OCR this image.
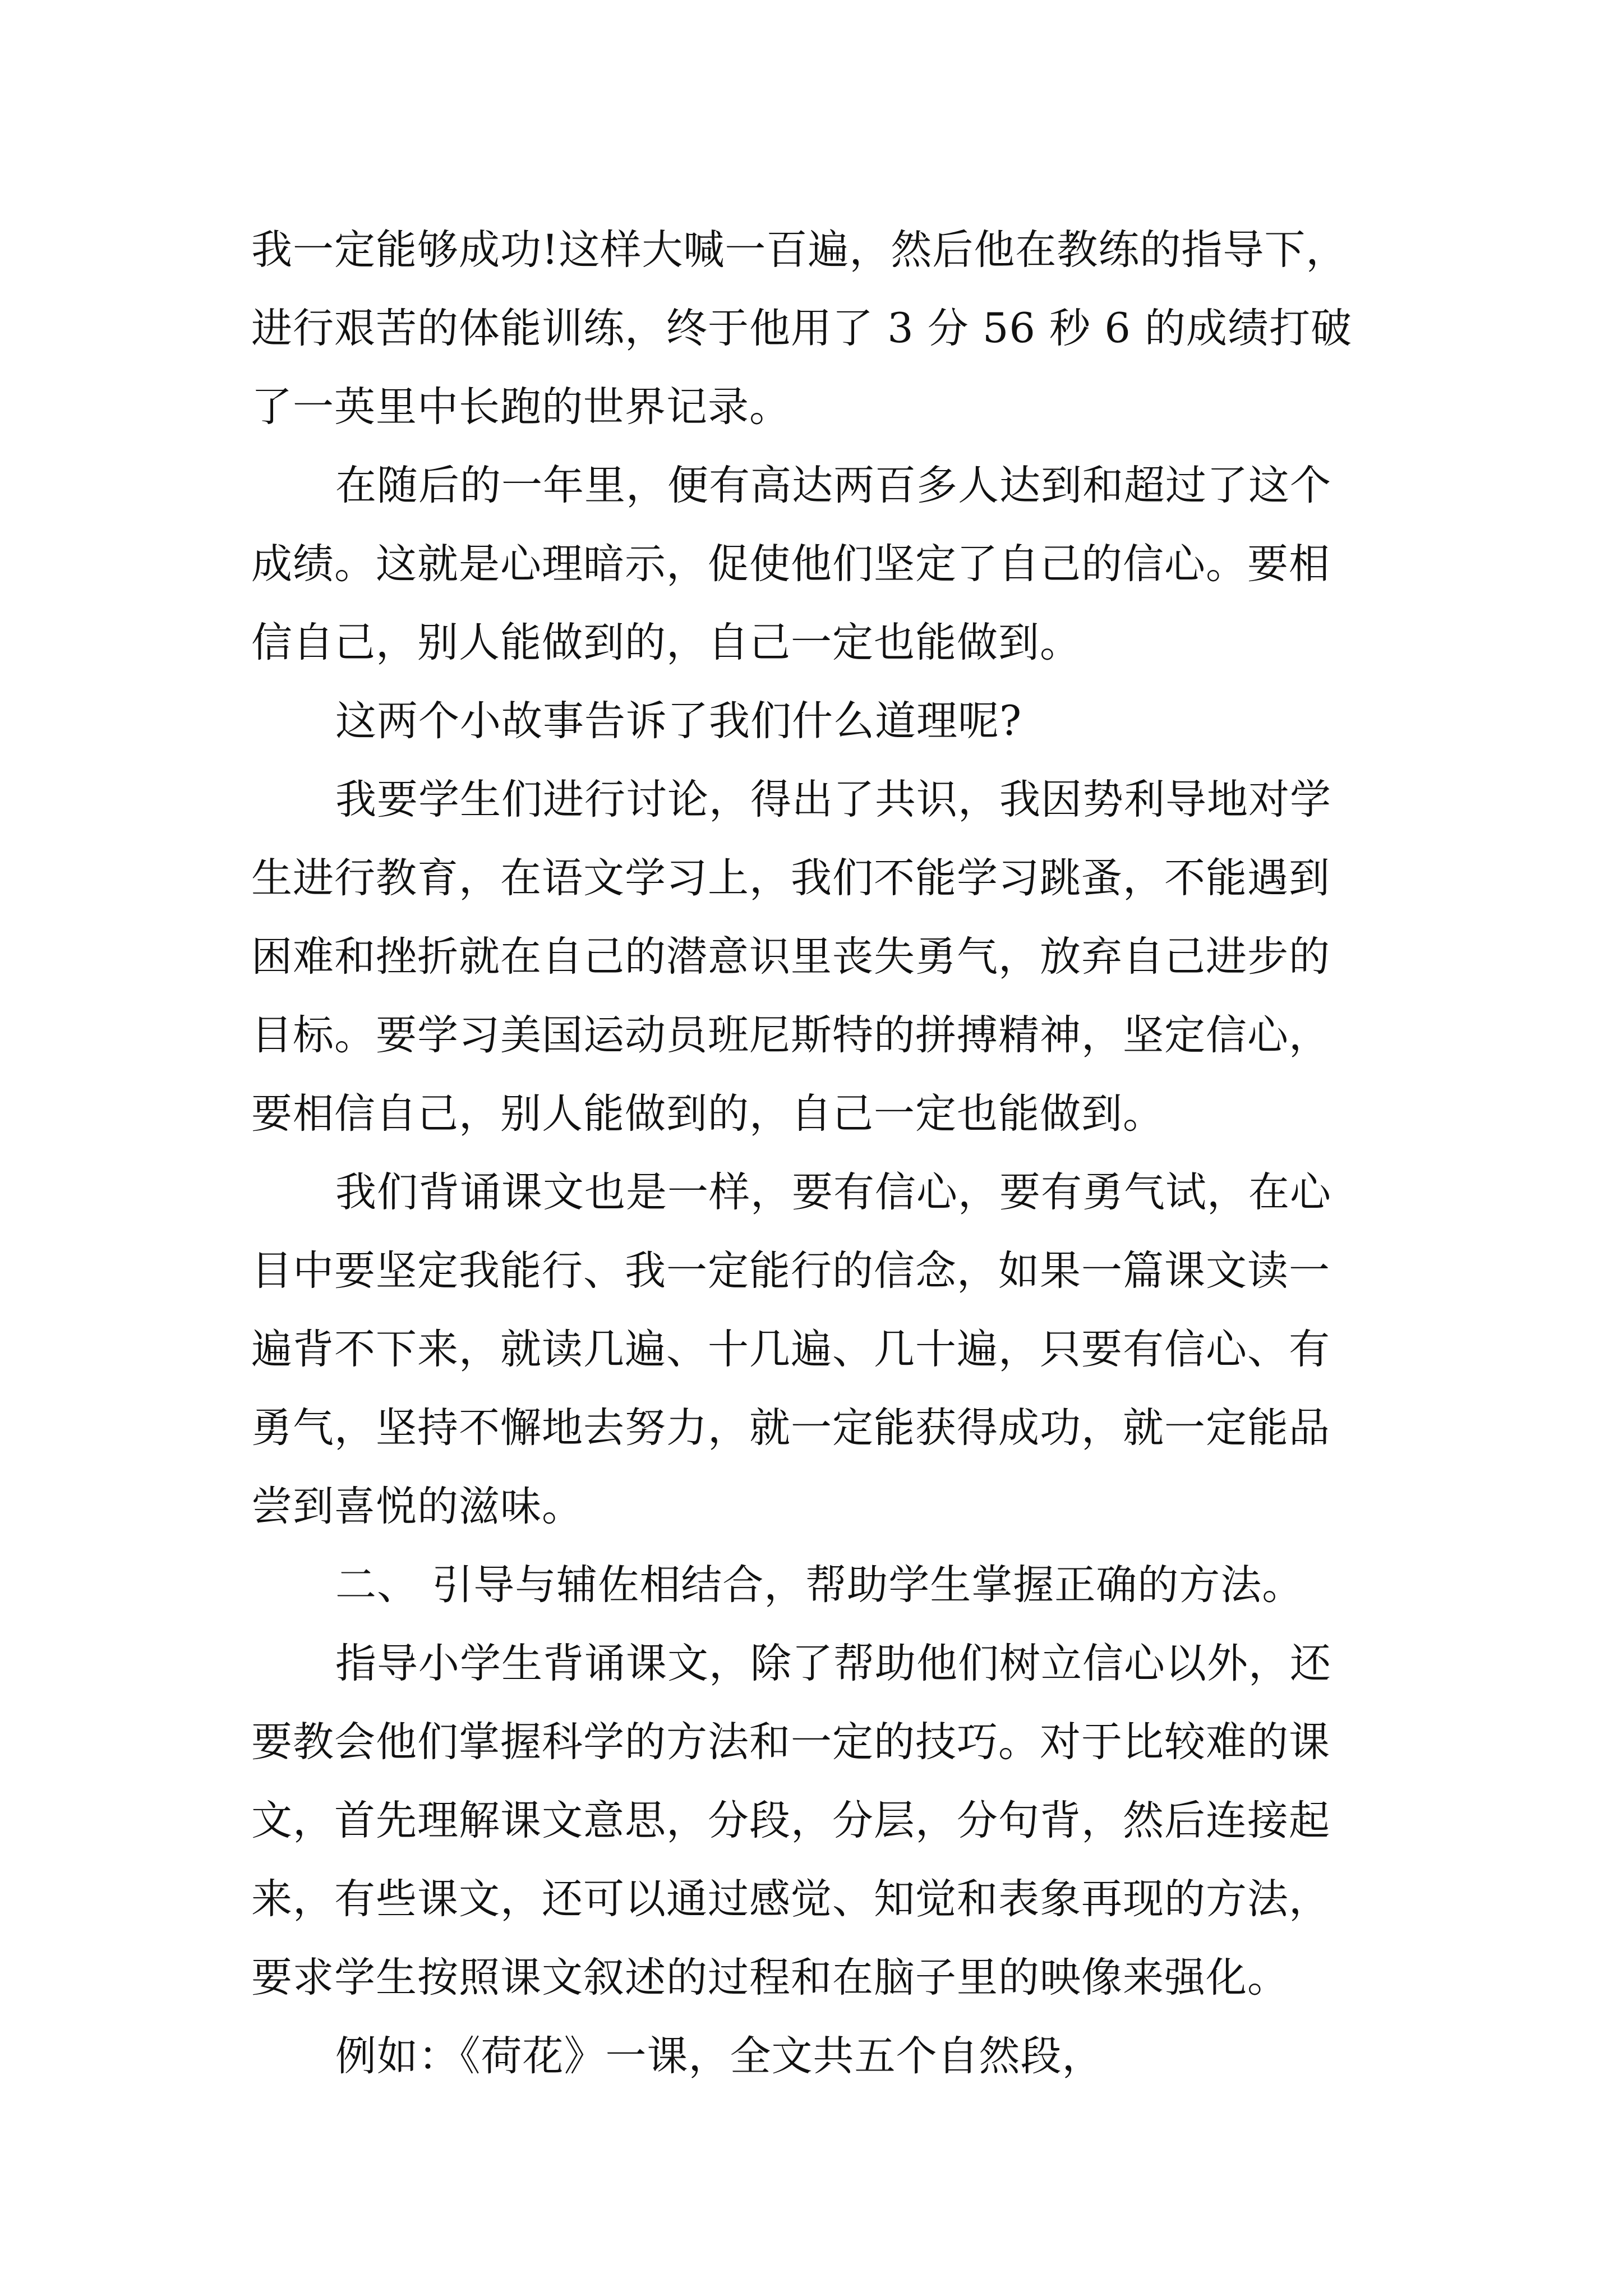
我一定能够成功!这样大喊一百遍，然后他在教练的指导下，
进行艰苦的体能训练，终于他用了 3 分 56 秒 6 的成绩打破
了一英里中长跑的世界记录。
在随后的一年里，便有高达两百多人达到和超过了这个
成绩。这就是心理暗示，促使他们坚定了自己的信心。要相
信自己，别人能做到的，自己一定也能做到。
这两个小故事告诉了我们什么道理呢?
我要学生们进行讨论，得出了共识，我因势利导地对学
生进行教育，在语文学习上，我们不能学习跳蚤，不能遇到
困难和挫折就在自己的潜意识里丧失勇气，放弃自己进步的
目标。要学习美国运动员班尼斯特的拼搏精神，坚定信心，
要相信自己，别人能做到的，自己一定也能做到。
我们背诵课文也是一样，要有信心，要有勇气试，在心
目中要坚定我能行、我一定能行的信念，如果一篇课文读一
遍背不下来，就读几遍、十几遍、几十遍，只要有信心、有
勇气，坚持不懈地去努力，就一定能获得成功，就一定能品
尝到喜悦的滋味。
二、 引导与辅佐相结合，帮助学生掌握正确的方法。
指导小学生背诵课文，除了帮助他们树立信心以外，还
要教会他们掌握科学的方法和一定的技巧。对于比较难的课
文，首先理解课文意思，分段，分层，分句背，然后连接起
来，有些课文，还可以通过感觉、知觉和表象再现的方法，
要求学生按照课文叙述的过程和在脑子里的映像来强化。
例如：《荷花》一课，全文共五个自然段，
